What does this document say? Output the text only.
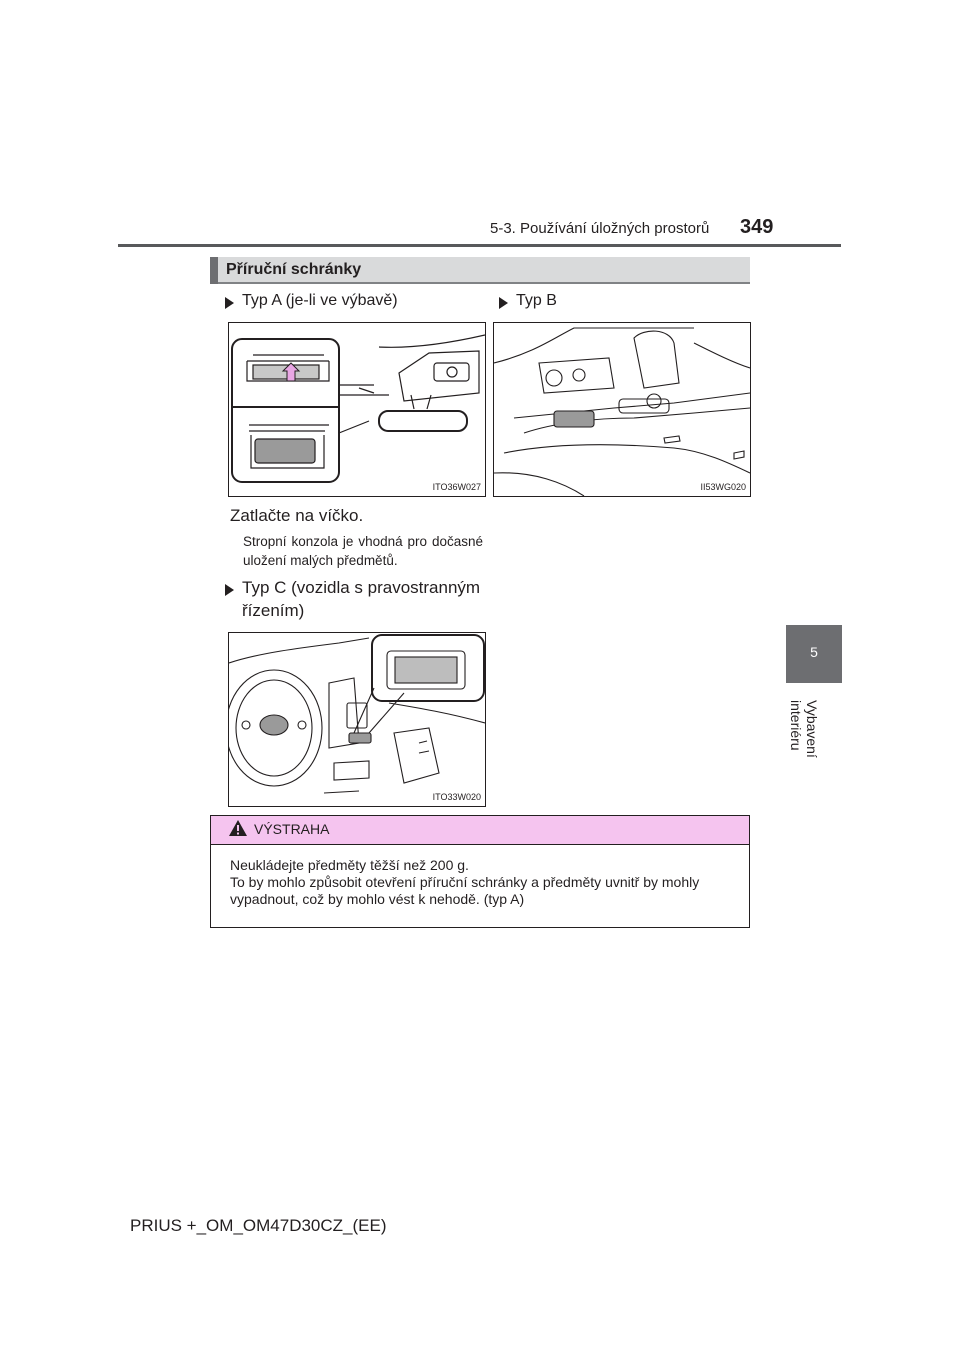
5-3. Používání úložných prostorů 349
5
Vybavení interiéru
Příruční schránky
Typ A (je-li ve výbavě)	Typ B
ITO36W027	II53WG020
Zatlačte na víčko.
Stropní konzola je vhodná pro dočasné uložení malých předmětů.
Typ C (vozidla s pravostranným
řízením)
ITO33W020
VÝSTRAHA
Neukládejte předměty těžší než 200 g.
To by mohlo způsobit otevření příruční schránky a předměty uvnitř by mohly
vypadnout, což by mohlo vést k nehodě. (typ A)
PRIUS +_OM_OM47D30CZ_(EE)
